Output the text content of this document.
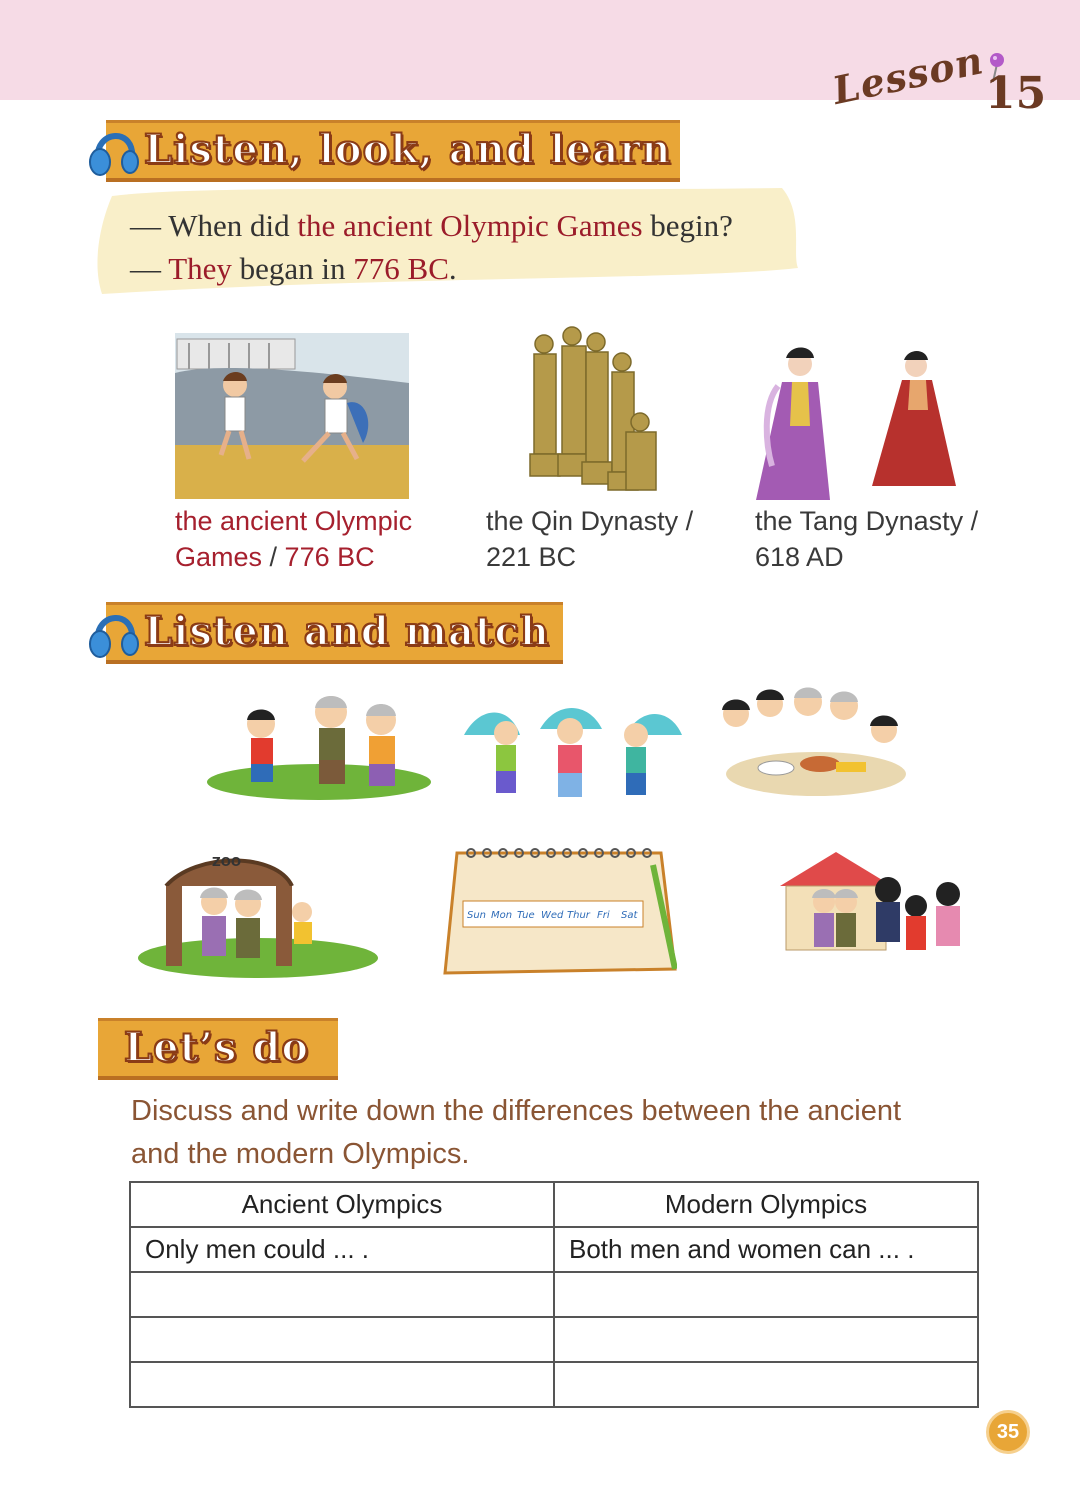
Lesson
15
Listen, look, and learn
— When did the ancient Olympic Games begin?
— They began in 776 BC.
the ancient Olympic
Games / 776 BC
the Qin Dynasty /
221 BC
the Tang Dynasty /
618 AD
Listen and match
ZOO
Sun Mon Tue Wed Thur Fri Sat
Let’s do
Discuss and write down the differences between the ancient
and the modern Olympics.
Ancient Olympics	Modern Olympics
Only men could ... .	Both men and women can ... .

35
